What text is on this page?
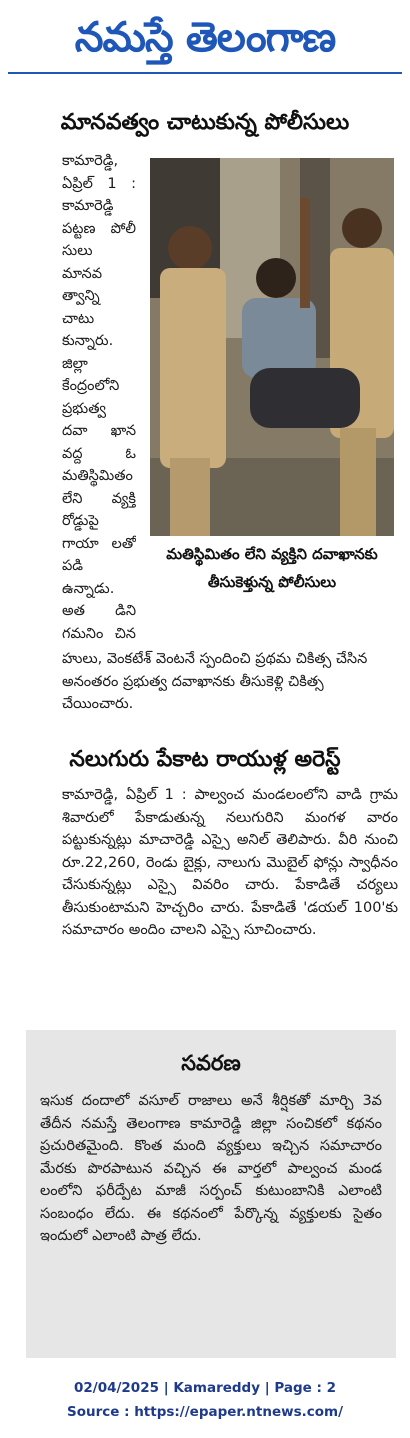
నమస్తే తెలంగాణ
మానవత్వం చాటుకున్న పోలీసులు

కామారెడ్డి, ఏప్రిల్ 1 : కామారెడ్డి పట్టణ పోలీ సులు మానవ త్వాన్ని చాటు కున్నారు. జిల్లా కేంద్రంలోని ప్రభుత్వ దవా ఖాన వద్ద ఓ మతిస్థిమితం లేని వ్యక్తి రోడ్డుపై గాయా లతో పడి ఉన్నాడు. అత డిని గమనిం చిన

మతిస్థిమితం లేని వ్యక్తిని దవాఖానకు
తీసుకెళ్తున్న పోలీసులు

హులు, వెంకటేశ్ వెంటనే స్పందించి ప్రథమ చికిత్స చేసిన అనంతరం ప్రభుత్వ దవాఖానకు తీసుకెళ్లి చికిత్స చేయించారు.

నలుగురు పేకాట రాయుళ్ల అరెస్ట్

కామారెడ్డి, ఏప్రిల్ 1 : పాల్వంచ మండలంలోని వాడి గ్రామ శివారులో పేకాడుతున్న నలుగురిని మంగళ వారం పట్టుకున్నట్లు మాచారెడ్డి ఎస్సై అనిల్ తెలిపారు. వీరి నుంచి రూ.22,260, రెండు బైక్లు, నాలుగు మొబైల్ ఫోన్లు స్వాధీనం చేసుకున్నట్లు ఎస్సై వివరిం చారు. పేకాడితే చర్యలు తీసుకుంటామని హెచ్చరిం చారు. పేకాడితే 'డయల్ 100'కు సమాచారం అందిం చాలని ఎస్సై సూచించారు.

సవరణ

ఇసుక దందాలో వసూల్ రాజాలు అనే శీర్షికతో మార్చి 3వ తేదీన నమస్తే తెలంగాణ కామారెడ్డి జిల్లా సంచికలో కథనం ప్రచురితమైంది. కొంత మంది వ్యక్తులు ఇచ్చిన సమాచారం మేరకు పొరపాటున వచ్చిన ఈ వార్తలో పాల్వంచ మండ లంలోని ఫరీద్పేట మాజీ సర్పంచ్ కుటుంబానికి ఎలాంటి సంబంధం లేదు. ఈ కథనంలో పేర్కొన్న వ్యక్తులకు సైతం ఇందులో ఎలాంటి పాత్ర లేదు.

02/04/2025 | Kamareddy | Page : 2
Source : https://epaper.ntnews.com/
